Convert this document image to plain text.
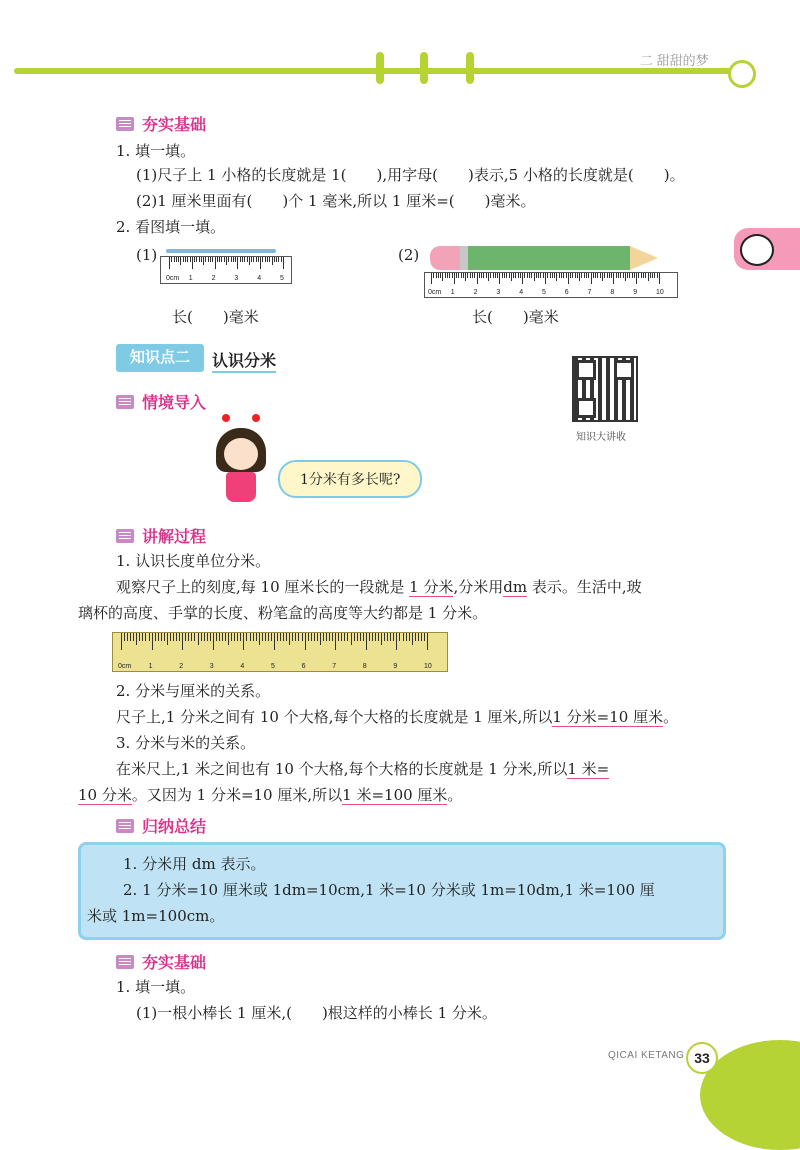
二 甜甜的梦
夯实基础
1. 填一填。
(1)尺子上 1 小格的长度就是 1(　　),用字母(　　)表示,5 小格的长度就是(　　)。
(2)1 厘米里面有(　　)个 1 毫米,所以 1 厘米=(　　)毫米。
2. 看图填一填。
(1)
0cm 1	2	3	4	5
长(　　)毫米
(2)
0cm 1	2	3	4	5	6	7	8	9	10
长(　　)毫米
知识点二	认识分米
知识大讲收
情境导入
1分米有多长呢?
讲解过程
1. 认识长度单位分米。
观察尺子上的刻度,每 10 厘米长的一段就是 1 分米,分米用dm 表示。生活中,玻
璃杯的高度、手掌的长度、粉笔盒的高度等大约都是 1 分米。
0cm 1	2	3	4	5	6	7	8	9	10
2. 分米与厘米的关系。
尺子上,1 分米之间有 10 个大格,每个大格的长度就是 1 厘米,所以1 分米=10 厘米。
3. 分米与米的关系。
在米尺上,1 米之间也有 10 个大格,每个大格的长度就是 1 分米,所以1 米=
10 分米。又因为 1 分米=10 厘米,所以1 米=100 厘米。
归纳总结
1. 分米用 dm 表示。
2. 1 分米=10 厘米或 1dm=10cm,1 米=10 分米或 1m=10dm,1 米=100 厘
米或 1m=100cm。
夯实基础
1. 填一填。
(1)一根小棒长 1 厘米,(　　)根这样的小棒长 1 分米。
QICAI KETANG 33
